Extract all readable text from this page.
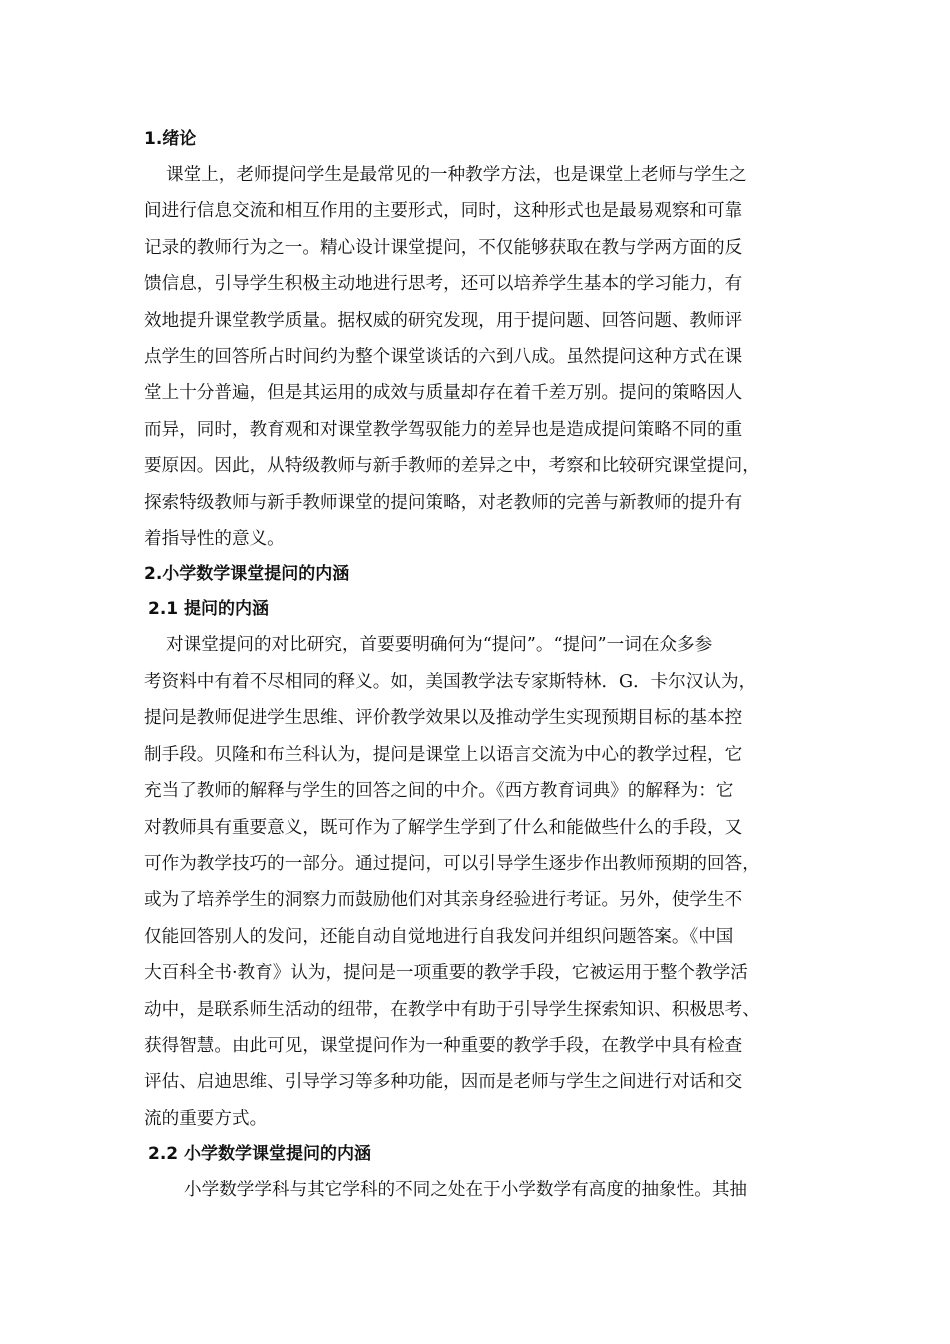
1.绪论
课堂上，老师提问学生是最常见的一种教学方法，也是课堂上老师与学生之
间进行信息交流和相互作用的主要形式，同时，这种形式也是最易观察和可靠
记录的教师行为之一。精心设计课堂提问，不仅能够获取在教与学两方面的反
馈信息，引导学生积极主动地进行思考，还可以培养学生基本的学习能力，有
效地提升课堂教学质量。据权威的研究发现，用于提问题、回答问题、教师评
点学生的回答所占时间约为整个课堂谈话的六到八成。虽然提问这种方式在课
堂上十分普遍，但是其运用的成效与质量却存在着千差万别。提问的策略因人
而异，同时，教育观和对课堂教学驾驭能力的差异也是造成提问策略不同的重
要原因。因此，从特级教师与新手教师的差异之中，考察和比较研究课堂提问，
探索特级教师与新手教师课堂的提问策略，对老教师的完善与新教师的提升有
着指导性的意义。
2.小学数学课堂提问的内涵
2.1 提问的内涵
对课堂提问的对比研究，首要要明确何为“提问”。“提问”一词在众多参
考资料中有着不尽相同的释义。如，美国教学法专家斯特林．G．卡尔汉认为，
提问是教师促进学生思维、评价教学效果以及推动学生实现预期目标的基本控
制手段。贝隆和布兰科认为，提问是课堂上以语言交流为中心的教学过程，它
充当了教师的解释与学生的回答之间的中介。《西方教育词典》的解释为：它
对教师具有重要意义，既可作为了解学生学到了什么和能做些什么的手段，又
可作为教学技巧的一部分。通过提问，可以引导学生逐步作出教师预期的回答，
或为了培养学生的洞察力而鼓励他们对其亲身经验进行考证。另外，使学生不
仅能回答别人的发问，还能自动自觉地进行自我发问并组织问题答案。《中国
大百科全书·教育》认为，提问是一项重要的教学手段，它被运用于整个教学活
动中，是联系师生活动的纽带，在教学中有助于引导学生探索知识、积极思考、
获得智慧。由此可见，课堂提问作为一种重要的教学手段，在教学中具有检查
评估、启迪思维、引导学习等多种功能，因而是老师与学生之间进行对话和交
流的重要方式。
2.2 小学数学课堂提问的内涵
小学数学学科与其它学科的不同之处在于小学数学有高度的抽象性。其抽
